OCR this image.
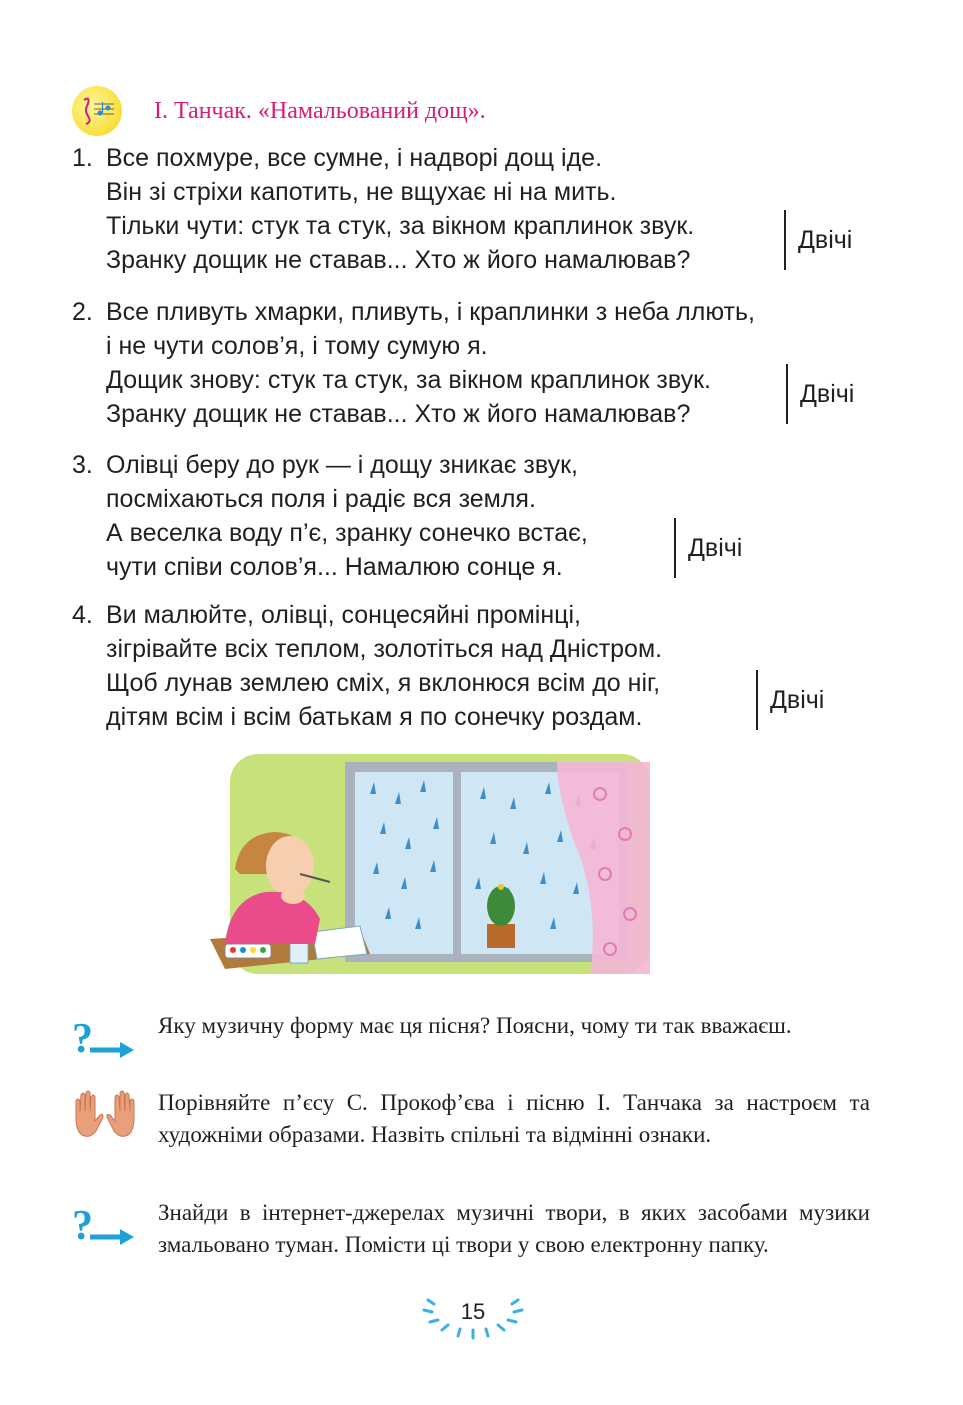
І. Танчак. «Намальований дощ».
1. Все похмуре, все сумне, і надворі дощ іде.
Він зі стріхи капотить, не вщухає ні на мить.
Тільки чути: стук та стук, за вікном краплинок звук.
Зранку дощик не ставав... Хто ж його намалював?
Двічі
2. Все пливуть хмарки, пливуть, і краплинки з неба ллють,
і не чути солов’я, і тому сумую я.
Дощик знову: стук та стук, за вікном краплинок звук.
Зранку дощик не ставав... Хто ж його намалював?
Двічі
3. Олівці беру до рук — і дощу зникає звук,
посміхаються поля і радіє вся земля.
А веселка воду п’є, зранку сонечко встає,
чути співи солов’я... Намалюю сонце я.
Двічі
4. Ви малюйте, олівці, сонцесяйні промінці,
зігрівайте всіх теплом, золотіться над Дністром.
Щоб лунав землею сміх, я вклонюся всім до ніг,
дітям всім і всім батькам я по сонечку роздам.
Двічі
?	Яку музичну форму має ця пісня? Поясни, чому ти так вважаєш.
Порівняйте п’єсу С. Прокоф’єва і пісню І. Танчака за настроєм та художніми образами. Назвіть спільні та відмінні ознаки.
?	Знайди в інтернет-джерелах музичні твори, в яких засобами музики змальовано туман. Помісти ці твори у свою електронну папку.
15
